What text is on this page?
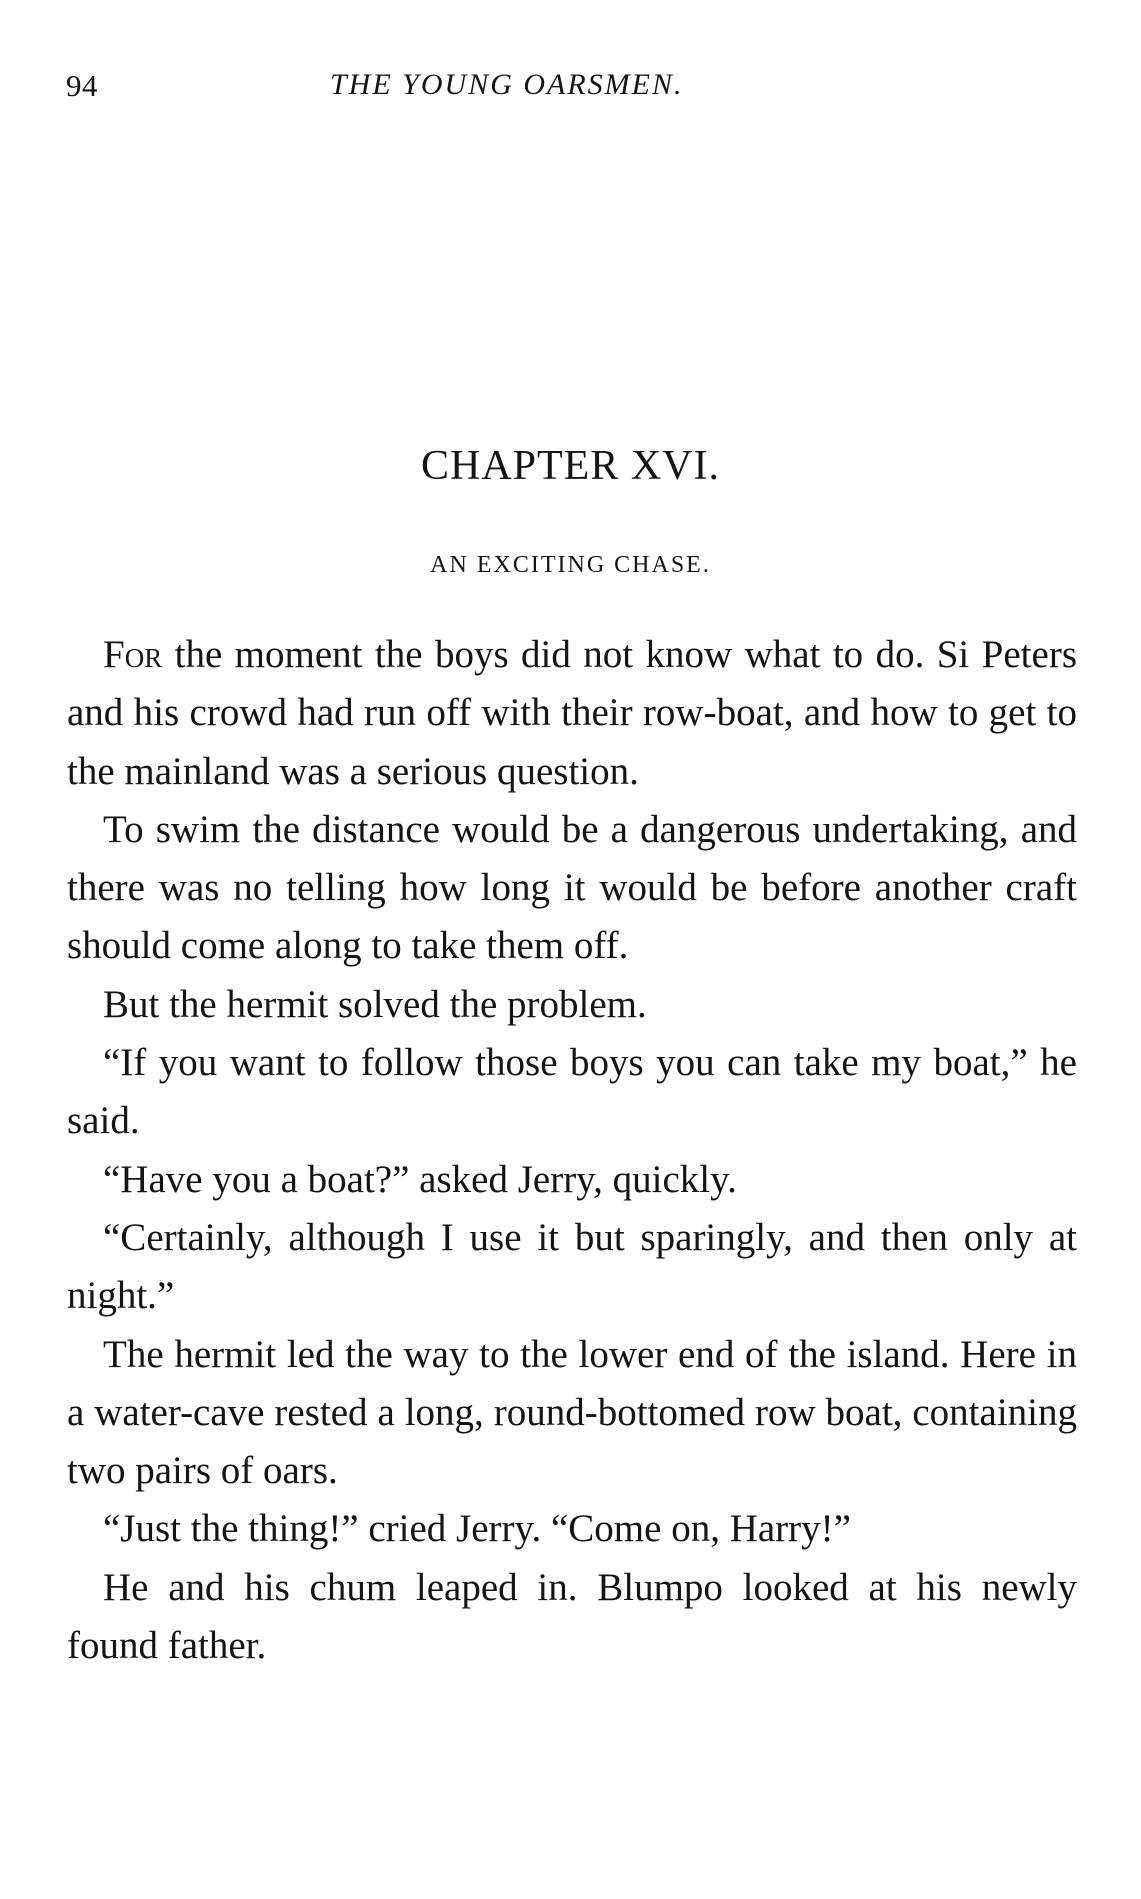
94	THE YOUNG OARSMEN.
CHAPTER XVI.
AN EXCITING CHASE.

For the moment the boys did not know what to do. Si Peters and his crowd had run off with their row-boat, and how to get to the mainland was a serious question.

To swim the distance would be a dangerous undertaking, and there was no telling how long it would be before another craft should come along to take them off.

But the hermit solved the problem.

“If you want to follow those boys you can take my boat,” he said.

“Have you a boat?” asked Jerry, quickly.

“Certainly, although I use it but sparingly, and then only at night.”

The hermit led the way to the lower end of the island. Here in a water-cave rested a long, round-bottomed row boat, containing two pairs of oars.

“Just the thing!” cried Jerry. “Come on, Harry!”

He and his chum leaped in. Blumpo looked at his newly found father.
